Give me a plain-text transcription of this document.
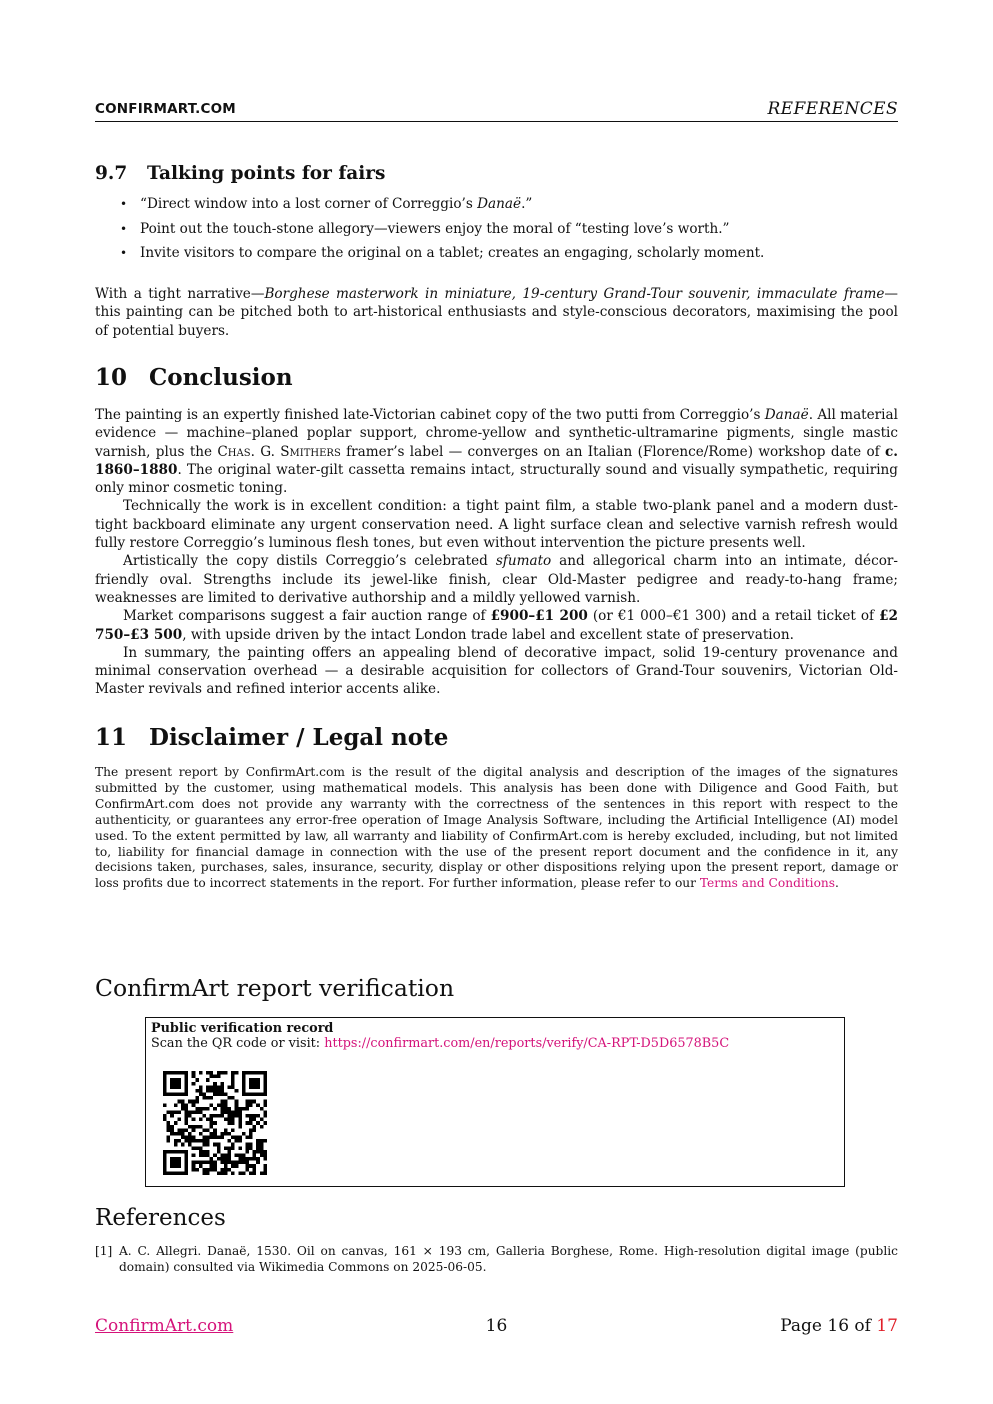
CONFIRMART.COM	REFERENCES
9.7 Talking points for fairs
• “Direct window into a lost corner of Correggio’s Danaë.”
• Point out the touch-stone allegory—viewers enjoy the moral of “testing love’s worth.”
• Invite visitors to compare the original on a tablet; creates an engaging, scholarly moment.

With a tight narrative—Borghese masterwork in miniature, 19-century Grand-Tour souvenir, immaculate frame—this painting can be pitched both to art-historical enthusiasts and style-conscious decorators, maximising the pool of potential buyers.

10 Conclusion

The painting is an expertly finished late-Victorian cabinet copy of the two putti from Correggio’s Danaë. All material evidence — machine–planed poplar support, chrome-yellow and synthetic-ultramarine pigments, single mastic varnish, plus the Chas. G. Smithers framer’s label — converges on an Italian (Florence/Rome) workshop date of c. 1860–1880. The original water-gilt cassetta remains intact, structurally sound and visually sympathetic, requiring only minor cosmetic toning.

Technically the work is in excellent condition: a tight paint film, a stable two-plank panel and a modern dust-tight backboard eliminate any urgent conservation need. A light surface clean and selective varnish refresh would fully restore Correggio’s luminous flesh tones, but even without intervention the picture presents well.

Artistically the copy distils Correggio’s celebrated sfumato and allegorical charm into an intimate, décor-friendly oval. Strengths include its jewel-like finish, clear Old-Master pedigree and ready-to-hang frame; weaknesses are limited to derivative authorship and a mildly yellowed varnish.

Market comparisons suggest a fair auction range of £900–£1 200 (or €1 000–€1 300) and a retail ticket of £2 750–£3 500, with upside driven by the intact London trade label and excellent state of preservation.

In summary, the painting offers an appealing blend of decorative impact, solid 19-century provenance and minimal conservation overhead — a desirable acquisition for collectors of Grand-Tour souvenirs, Victorian Old-Master revivals and refined interior accents alike.

11 Disclaimer / Legal note

The present report by ConfirmArt.com is the result of the digital analysis and description of the images of the signatures submitted by the customer, using mathematical models. This analysis has been done with Diligence and Good Faith, but ConfirmArt.com does not provide any warranty with the correctness of the sentences in this report with respect to the authenticity, or guarantees any error-free operation of Image Analysis Software, including the Artificial Intelligence (AI) model used. To the extent permitted by law, all warranty and liability of ConfirmArt.com is hereby excluded, including, but not limited to, liability for financial damage in connection with the use of the present report document and the confidence in it, any decisions taken, purchases, sales, insurance, security, display or other dispositions relying upon the present report, damage or loss profits due to incorrect statements in the report. For further information, please refer to our Terms and Conditions.

ConfirmArt report verification
Public verification record
Scan the QR code or visit: https://confirmart.com/en/reports/verify/CA-RPT-D5D6578B5C
References
[1] A. C. Allegri. Danaë, 1530. Oil on canvas, 161 × 193 cm, Galleria Borghese, Rome. High-resolution digital image (public domain) consulted via Wikimedia Commons on 2025-06-05.
ConfirmArt.com	16	Page 16 of 17
